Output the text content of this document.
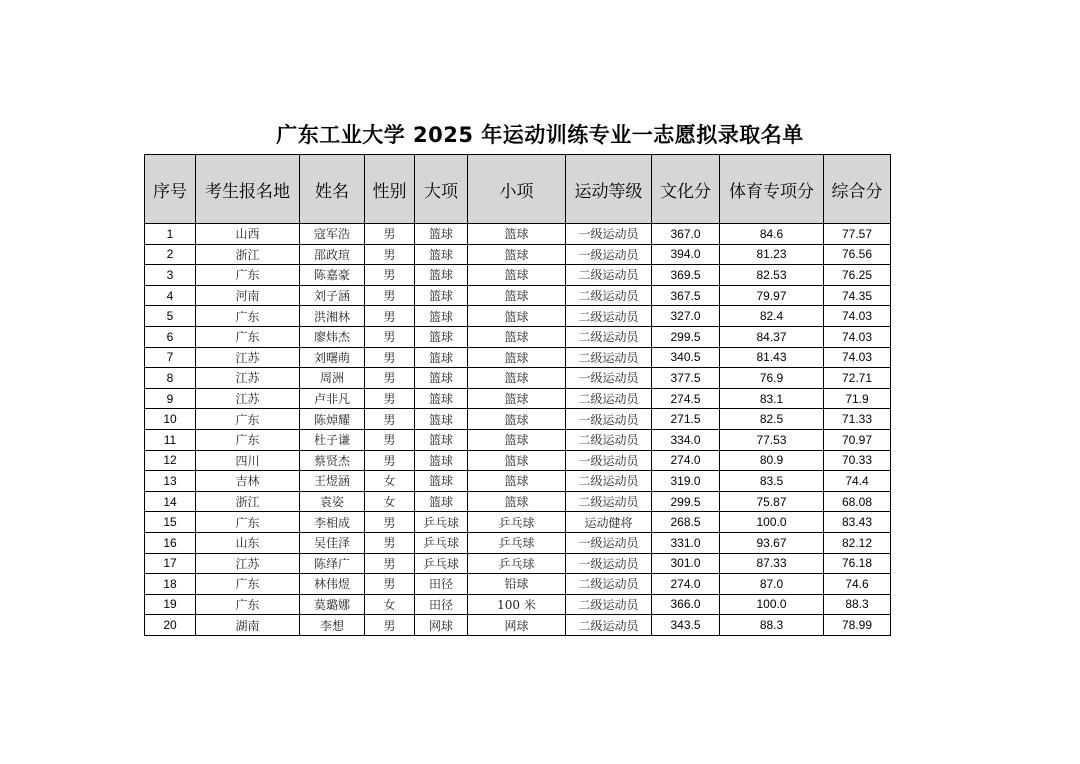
广东工业大学 2025 年运动训练专业一志愿拟录取名单
序号	考生报名地	姓名	性别	大项	小项	运动等级	文化分	体育专项分	综合分
1	山西	寇军浩	男	篮球	篮球	一级运动员	367.0	84.6	77.57
2	浙江	邵政瑄	男	篮球	篮球	一级运动员	394.0	81.23	76.56
3	广东	陈嘉豪	男	篮球	篮球	二级运动员	369.5	82.53	76.25
4	河南	刘子涵	男	篮球	篮球	二级运动员	367.5	79.97	74.35
5	广东	洪湘林	男	篮球	篮球	二级运动员	327.0	82.4	74.03
6	广东	廖炜杰	男	篮球	篮球	二级运动员	299.5	84.37	74.03
7	江苏	刘曙萌	男	篮球	篮球	二级运动员	340.5	81.43	74.03
8	江苏	周洲	男	篮球	篮球	一级运动员	377.5	76.9	72.71
9	江苏	卢非凡	男	篮球	篮球	二级运动员	274.5	83.1	71.9
10	广东	陈焯耀	男	篮球	篮球	一级运动员	271.5	82.5	71.33
11	广东	杜子谦	男	篮球	篮球	二级运动员	334.0	77.53	70.97
12	四川	蔡贤杰	男	篮球	篮球	一级运动员	274.0	80.9	70.33
13	吉林	王煜涵	女	篮球	篮球	二级运动员	319.0	83.5	74.4
14	浙江	袁姿	女	篮球	篮球	二级运动员	299.5	75.87	68.08
15	广东	李相成	男	乒乓球	乒乓球	运动健将	268.5	100.0	83.43
16	山东	吴佳泽	男	乒乓球	乒乓球	一级运动员	331.0	93.67	82.12
17	江苏	陈绎广	男	乒乓球	乒乓球	一级运动员	301.0	87.33	76.18
18	广东	林伟煜	男	田径	铅球	二级运动员	274.0	87.0	74.6
19	广东	莫璐娜	女	田径	100 米	二级运动员	366.0	100.0	88.3
20	湖南	李想	男	网球	网球	二级运动员	343.5	88.3	78.99
